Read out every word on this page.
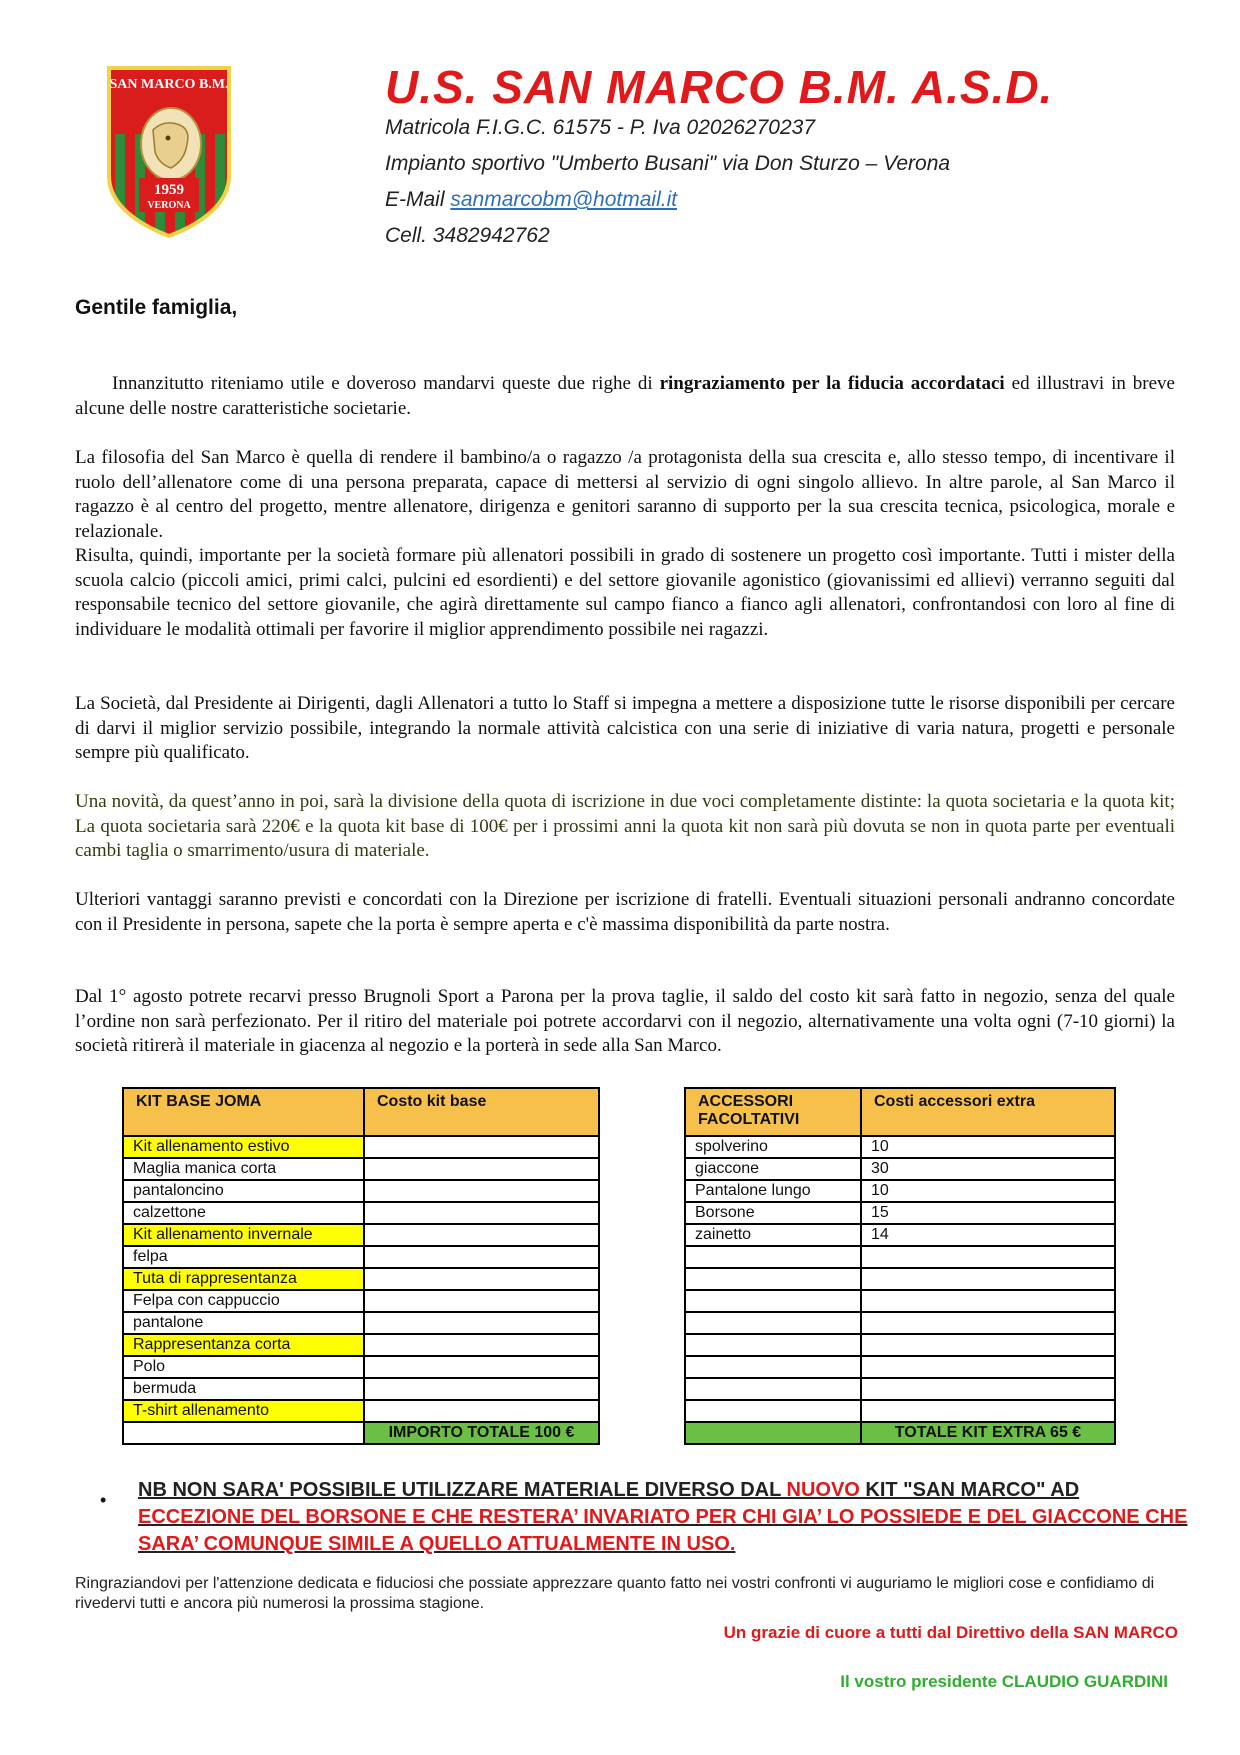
SAN MARCO B.M.
1959
VERONA
U.S. SAN MARCO B.M. A.S.D.
Matricola F.I.G.C. 61575 - P. Iva 02026270237
Impianto sportivo "Umberto Busani" via Don Sturzo – Verona
E-Mail sanmarcobm@hotmail.it
Cell. 3482942762
Gentile famiglia,

Innanzitutto riteniamo utile e doveroso mandarvi queste due righe di ringraziamento per la fiducia accordataci ed illustravi in breve alcune delle nostre caratteristiche societarie.

La filosofia del San Marco è quella di rendere il bambino/a o ragazzo /a protagonista della sua crescita e, allo stesso tempo, di incentivare il ruolo dell’allenatore come di una persona preparata, capace di mettersi al servizio di ogni singolo allievo. In altre parole, al San Marco il ragazzo è al centro del progetto, mentre allenatore, dirigenza e genitori saranno di supporto per la sua crescita tecnica, psicologica, morale e relazionale.

Risulta, quindi, importante per la società formare più allenatori possibili in grado di sostenere un progetto così importante. Tutti i mister della scuola calcio (piccoli amici, primi calci, pulcini ed esordienti) e del settore giovanile agonistico (giovanissimi ed allievi) verranno seguiti dal responsabile tecnico del settore giovanile, che agirà direttamente sul campo fianco a fianco agli allenatori, confrontandosi con loro al fine di individuare le modalità ottimali per favorire il miglior apprendimento possibile nei ragazzi.

La Società, dal Presidente ai Dirigenti, dagli Allenatori a tutto lo Staff si impegna a mettere a disposizione tutte le risorse disponibili per cercare di darvi il miglior servizio possibile, integrando la normale attività calcistica con una serie di iniziative di varia natura, progetti e personale sempre più qualificato.
Una novità, da quest’anno in poi, sarà la divisione della quota di iscrizione in due voci completamente distinte: la quota societaria e la quota kit; La quota societaria sarà 220€ e la quota kit base di 100€ per i prossimi anni la quota kit non sarà più dovuta se non in quota parte per eventuali cambi taglia o smarrimento/usura di materiale.
Ulteriori vantaggi saranno previsti e concordati con la Direzione per iscrizione di fratelli. Eventuali situazioni personali andranno concordate con il Presidente in persona, sapete che la porta è sempre aperta e c'è massima disponibilità da parte nostra.
Dal 1° agosto potrete recarvi presso Brugnoli Sport a Parona per la prova taglie, il saldo del costo kit sarà fatto in negozio, senza del quale l’ordine non sarà perfezionato. Per il ritiro del materiale poi potrete accordarvi con il negozio, alternativamente una volta ogni (7-10 giorni) la società ritirerà il materiale in giacenza al negozio e la porterà in sede alla San Marco.
KIT BASE JOMA	Costo kit base
Kit allenamento estivo	
Maglia manica corta	
pantaloncino	
calzettone	
Kit allenamento invernale	
felpa	
Tuta di rappresentanza	
Felpa con cappuccio	
pantalone	
Rappresentanza corta	
Polo	
bermuda	
T-shirt allenamento	
	IMPORTO TOTALE 100 €
ACCESSORI FACOLTATIVI	Costi accessori extra
spolverino	10
giaccone	30
Pantalone lungo	10
Borsone	15
zainetto	14

	TOTALE KIT EXTRA 65 €
• NB NON SARA' POSSIBILE UTILIZZARE MATERIALE DIVERSO DAL NUOVO KIT "SAN MARCO" AD ECCEZIONE DEL BORSONE E CHE RESTERA’ INVARIATO PER CHI GIA’ LO POSSIEDE E DEL GIACCONE CHE SARA’ COMUNQUE SIMILE A QUELLO ATTUALMENTE IN USO.
Ringraziandovi per l'attenzione dedicata e fiduciosi che possiate apprezzare quanto fatto nei vostri confronti vi auguriamo le migliori cose e confidiamo di rivedervi tutti e ancora più numerosi la prossima stagione.
Un grazie di cuore a tutti dal Direttivo della SAN MARCO
Il vostro presidente CLAUDIO GUARDINI
